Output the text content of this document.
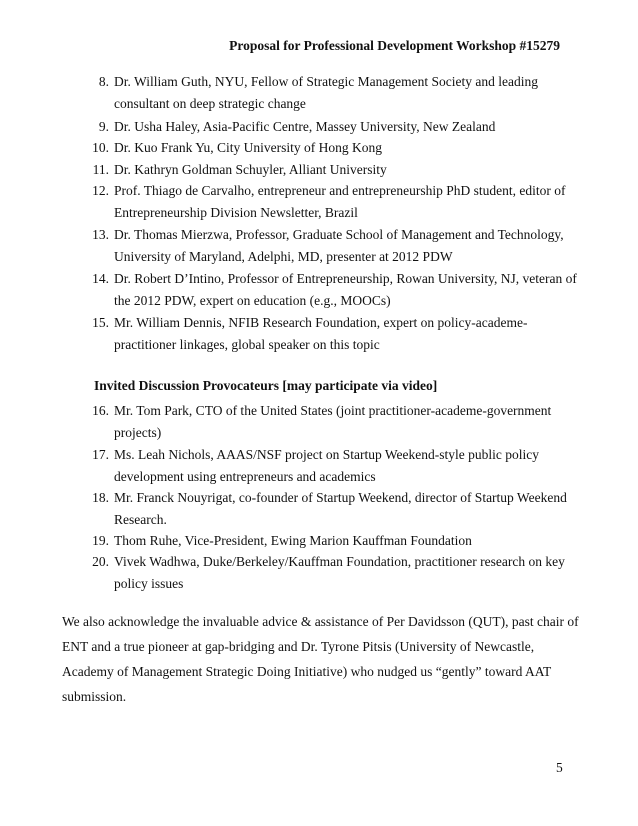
Proposal for Professional Development Workshop #15279
8. Dr. William Guth, NYU, Fellow of Strategic Management Society and leading consultant on deep strategic change
9. Dr. Usha Haley, Asia-Pacific Centre, Massey University, New Zealand
10. Dr. Kuo Frank Yu, City University of Hong Kong
11. Dr. Kathryn Goldman Schuyler, Alliant University
12. Prof. Thiago de Carvalho, entrepreneur and entrepreneurship PhD student, editor of Entrepreneurship Division Newsletter, Brazil
13. Dr. Thomas Mierzwa, Professor, Graduate School of Management and Technology, University of Maryland, Adelphi, MD, presenter at 2012 PDW
14. Dr. Robert D’Intino, Professor of Entrepreneurship, Rowan University, NJ, veteran of the 2012 PDW, expert on education (e.g., MOOCs)
15. Mr. William Dennis, NFIB Research Foundation, expert on policy-academe-practitioner linkages, global speaker on this topic
Invited Discussion Provocateurs [may participate via video]
16. Mr. Tom Park, CTO of the United States (joint practitioner-academe-government projects)
17. Ms. Leah Nichols, AAAS/NSF project on Startup Weekend-style public policy development using entrepreneurs and academics
18. Mr. Franck Nouyrigat, co-founder of Startup Weekend, director of Startup Weekend Research.
19. Thom Ruhe, Vice-President, Ewing Marion Kauffman Foundation
20. Vivek Wadhwa, Duke/Berkeley/Kauffman Foundation, practitioner research on key policy issues
We also acknowledge the invaluable advice & assistance of Per Davidsson (QUT), past chair of ENT and a true pioneer at gap-bridging and Dr. Tyrone Pitsis (University of Newcastle, Academy of Management Strategic Doing Initiative) who nudged us “gently” toward AAT submission.
5
